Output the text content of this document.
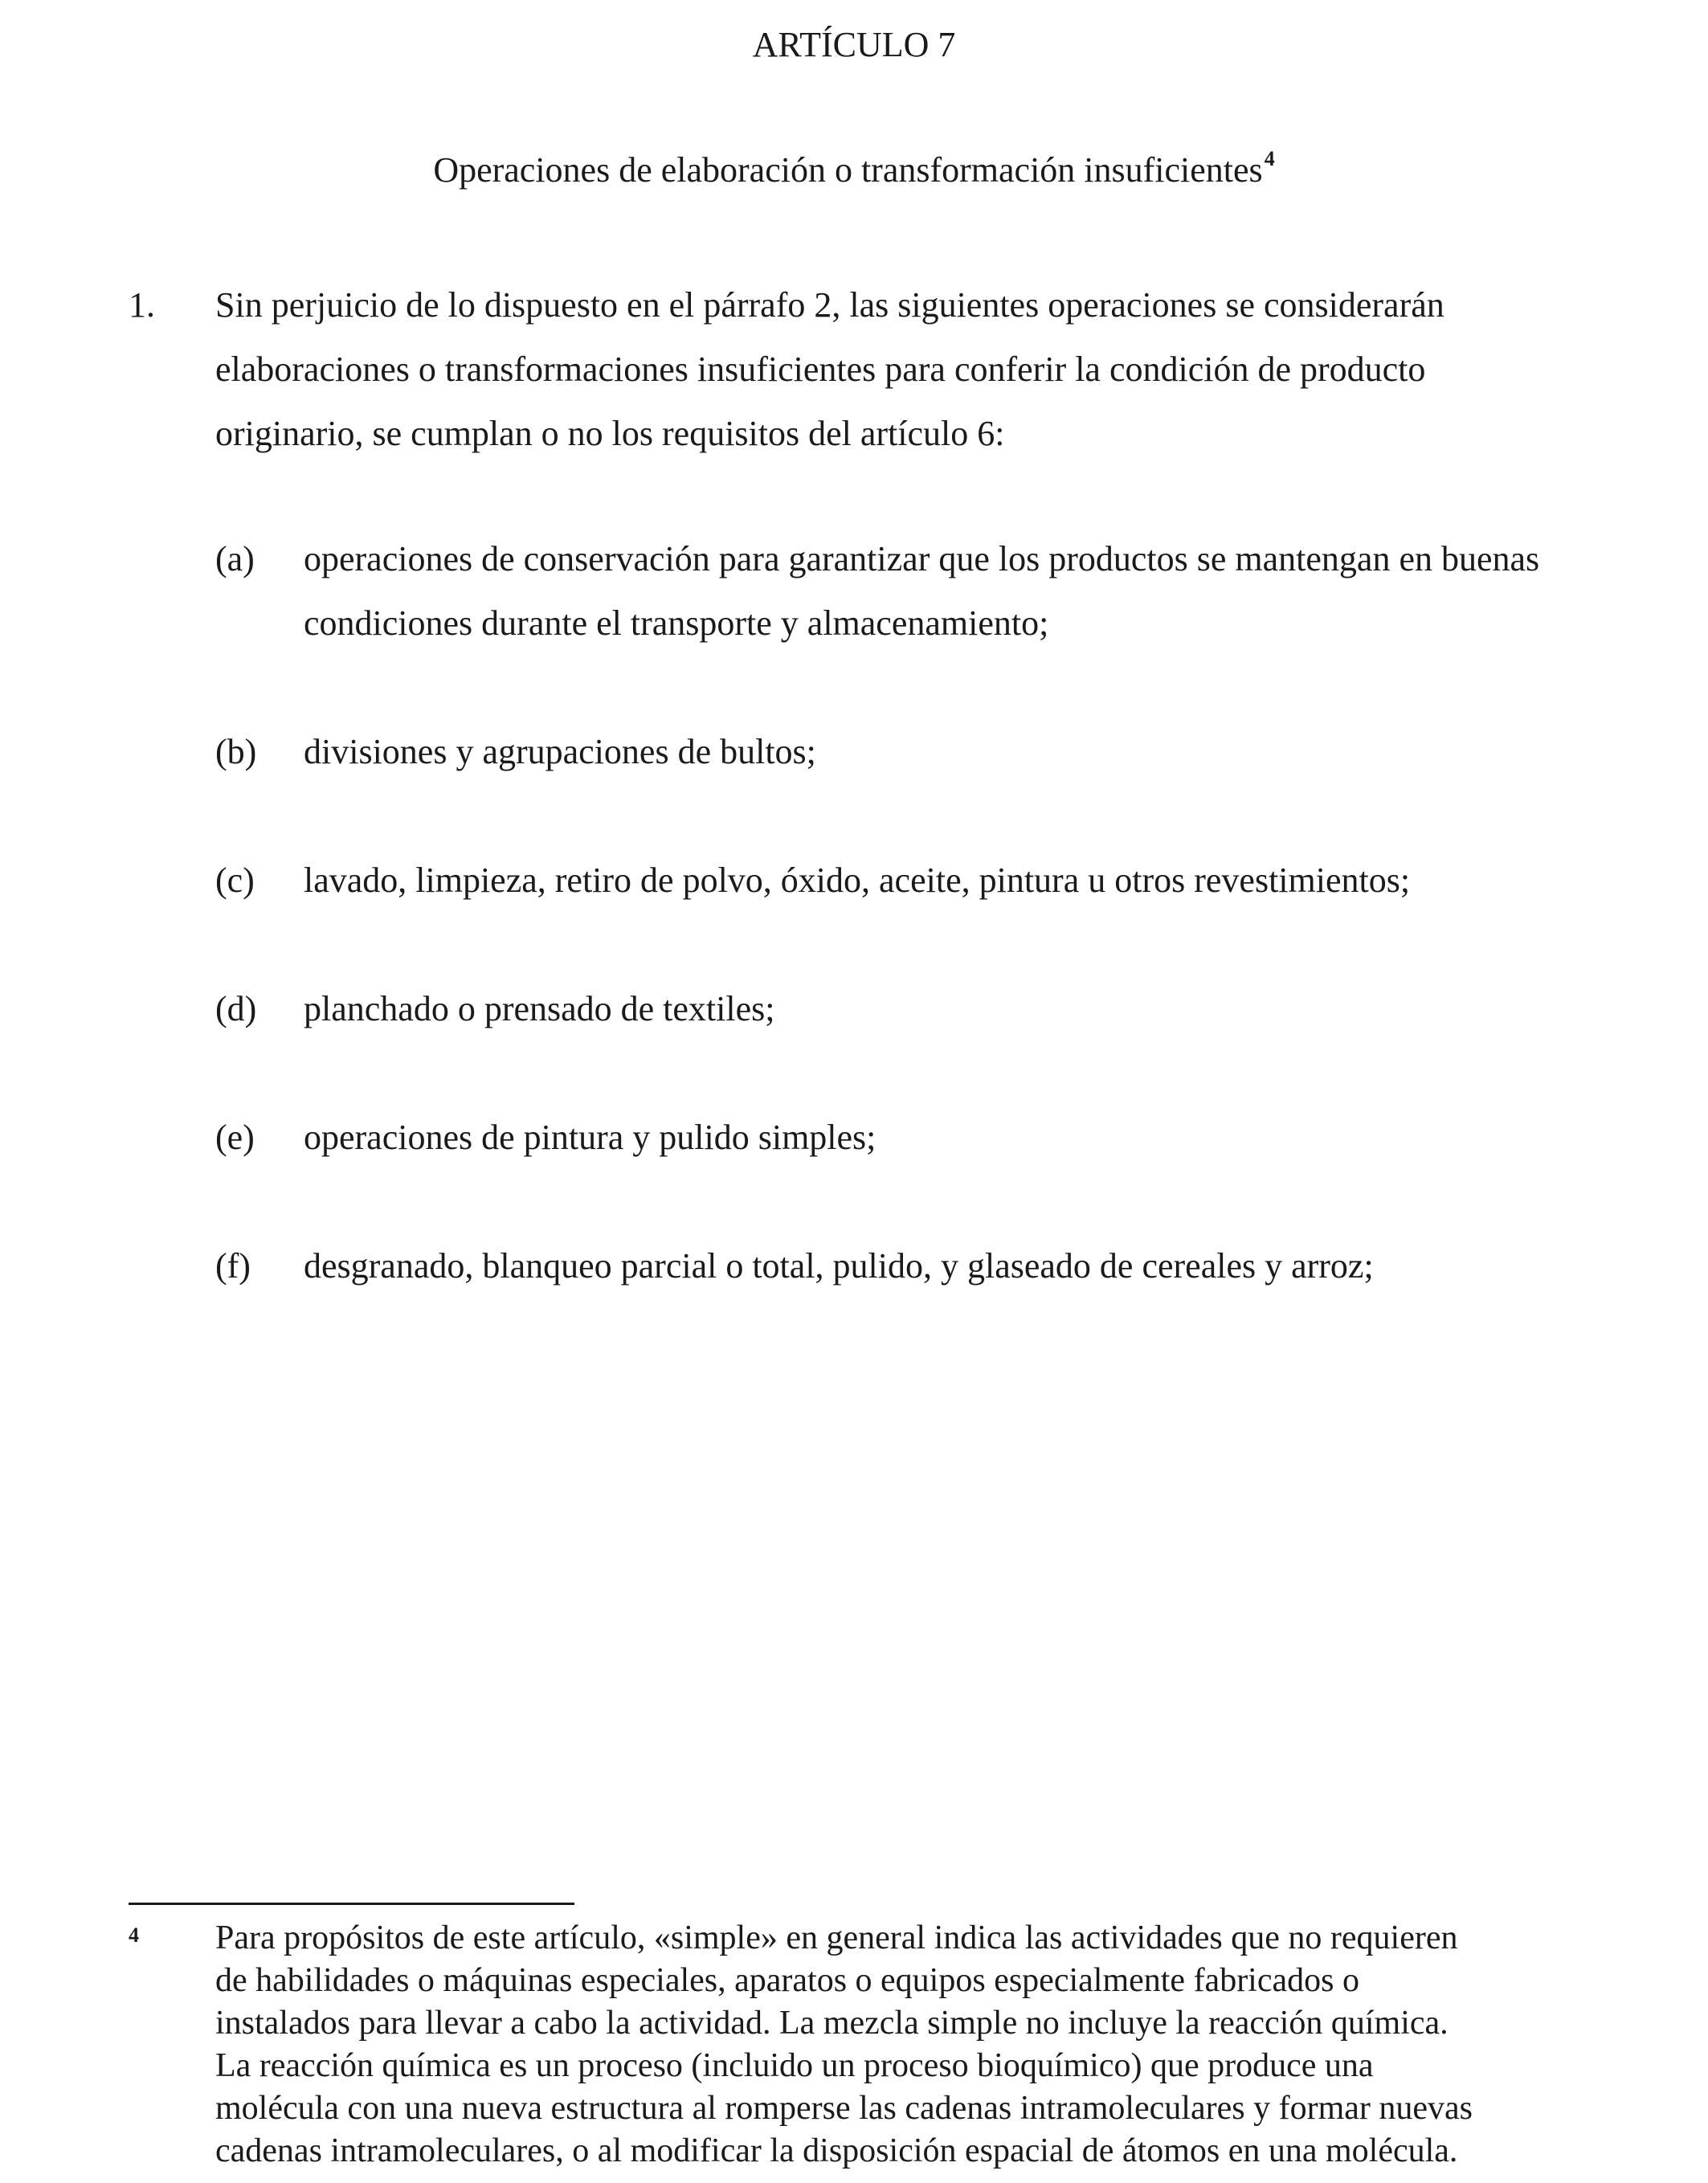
ARTÍCULO 7
Operaciones de elaboración o transformación insuficientes$^4$
1. Sin perjuicio de lo dispuesto en el párrafo 2, las siguientes operaciones se considerarán
elaboraciones o transformaciones insuficientes para conferir la condición de producto
originario, se cumplan o no los requisitos del artículo 6:
(a) operaciones de conservación para garantizar que los productos se mantengan en buenas
condiciones durante el transporte y almacenamiento;
(b) divisiones y agrupaciones de bultos;
(c) lavado, limpieza, retiro de polvo, óxido, aceite, pintura u otros revestimientos;
(d) planchado o prensado de textiles;
(e) operaciones de pintura y pulido simples;
(f) desgranado, blanqueo parcial o total, pulido, y glaseado de cereales y arroz;
4 Para propósitos de este artículo, «simple» en general indica las actividades que no requieren
de habilidades o máquinas especiales, aparatos o equipos especialmente fabricados o
instalados para llevar a cabo la actividad. La mezcla simple no incluye la reacción química.
La reacción química es un proceso (incluido un proceso bioquímico) que produce una
molécula con una nueva estructura al romperse las cadenas intramoleculares y formar nuevas
cadenas intramoleculares, o al modificar la disposición espacial de átomos en una molécula.
